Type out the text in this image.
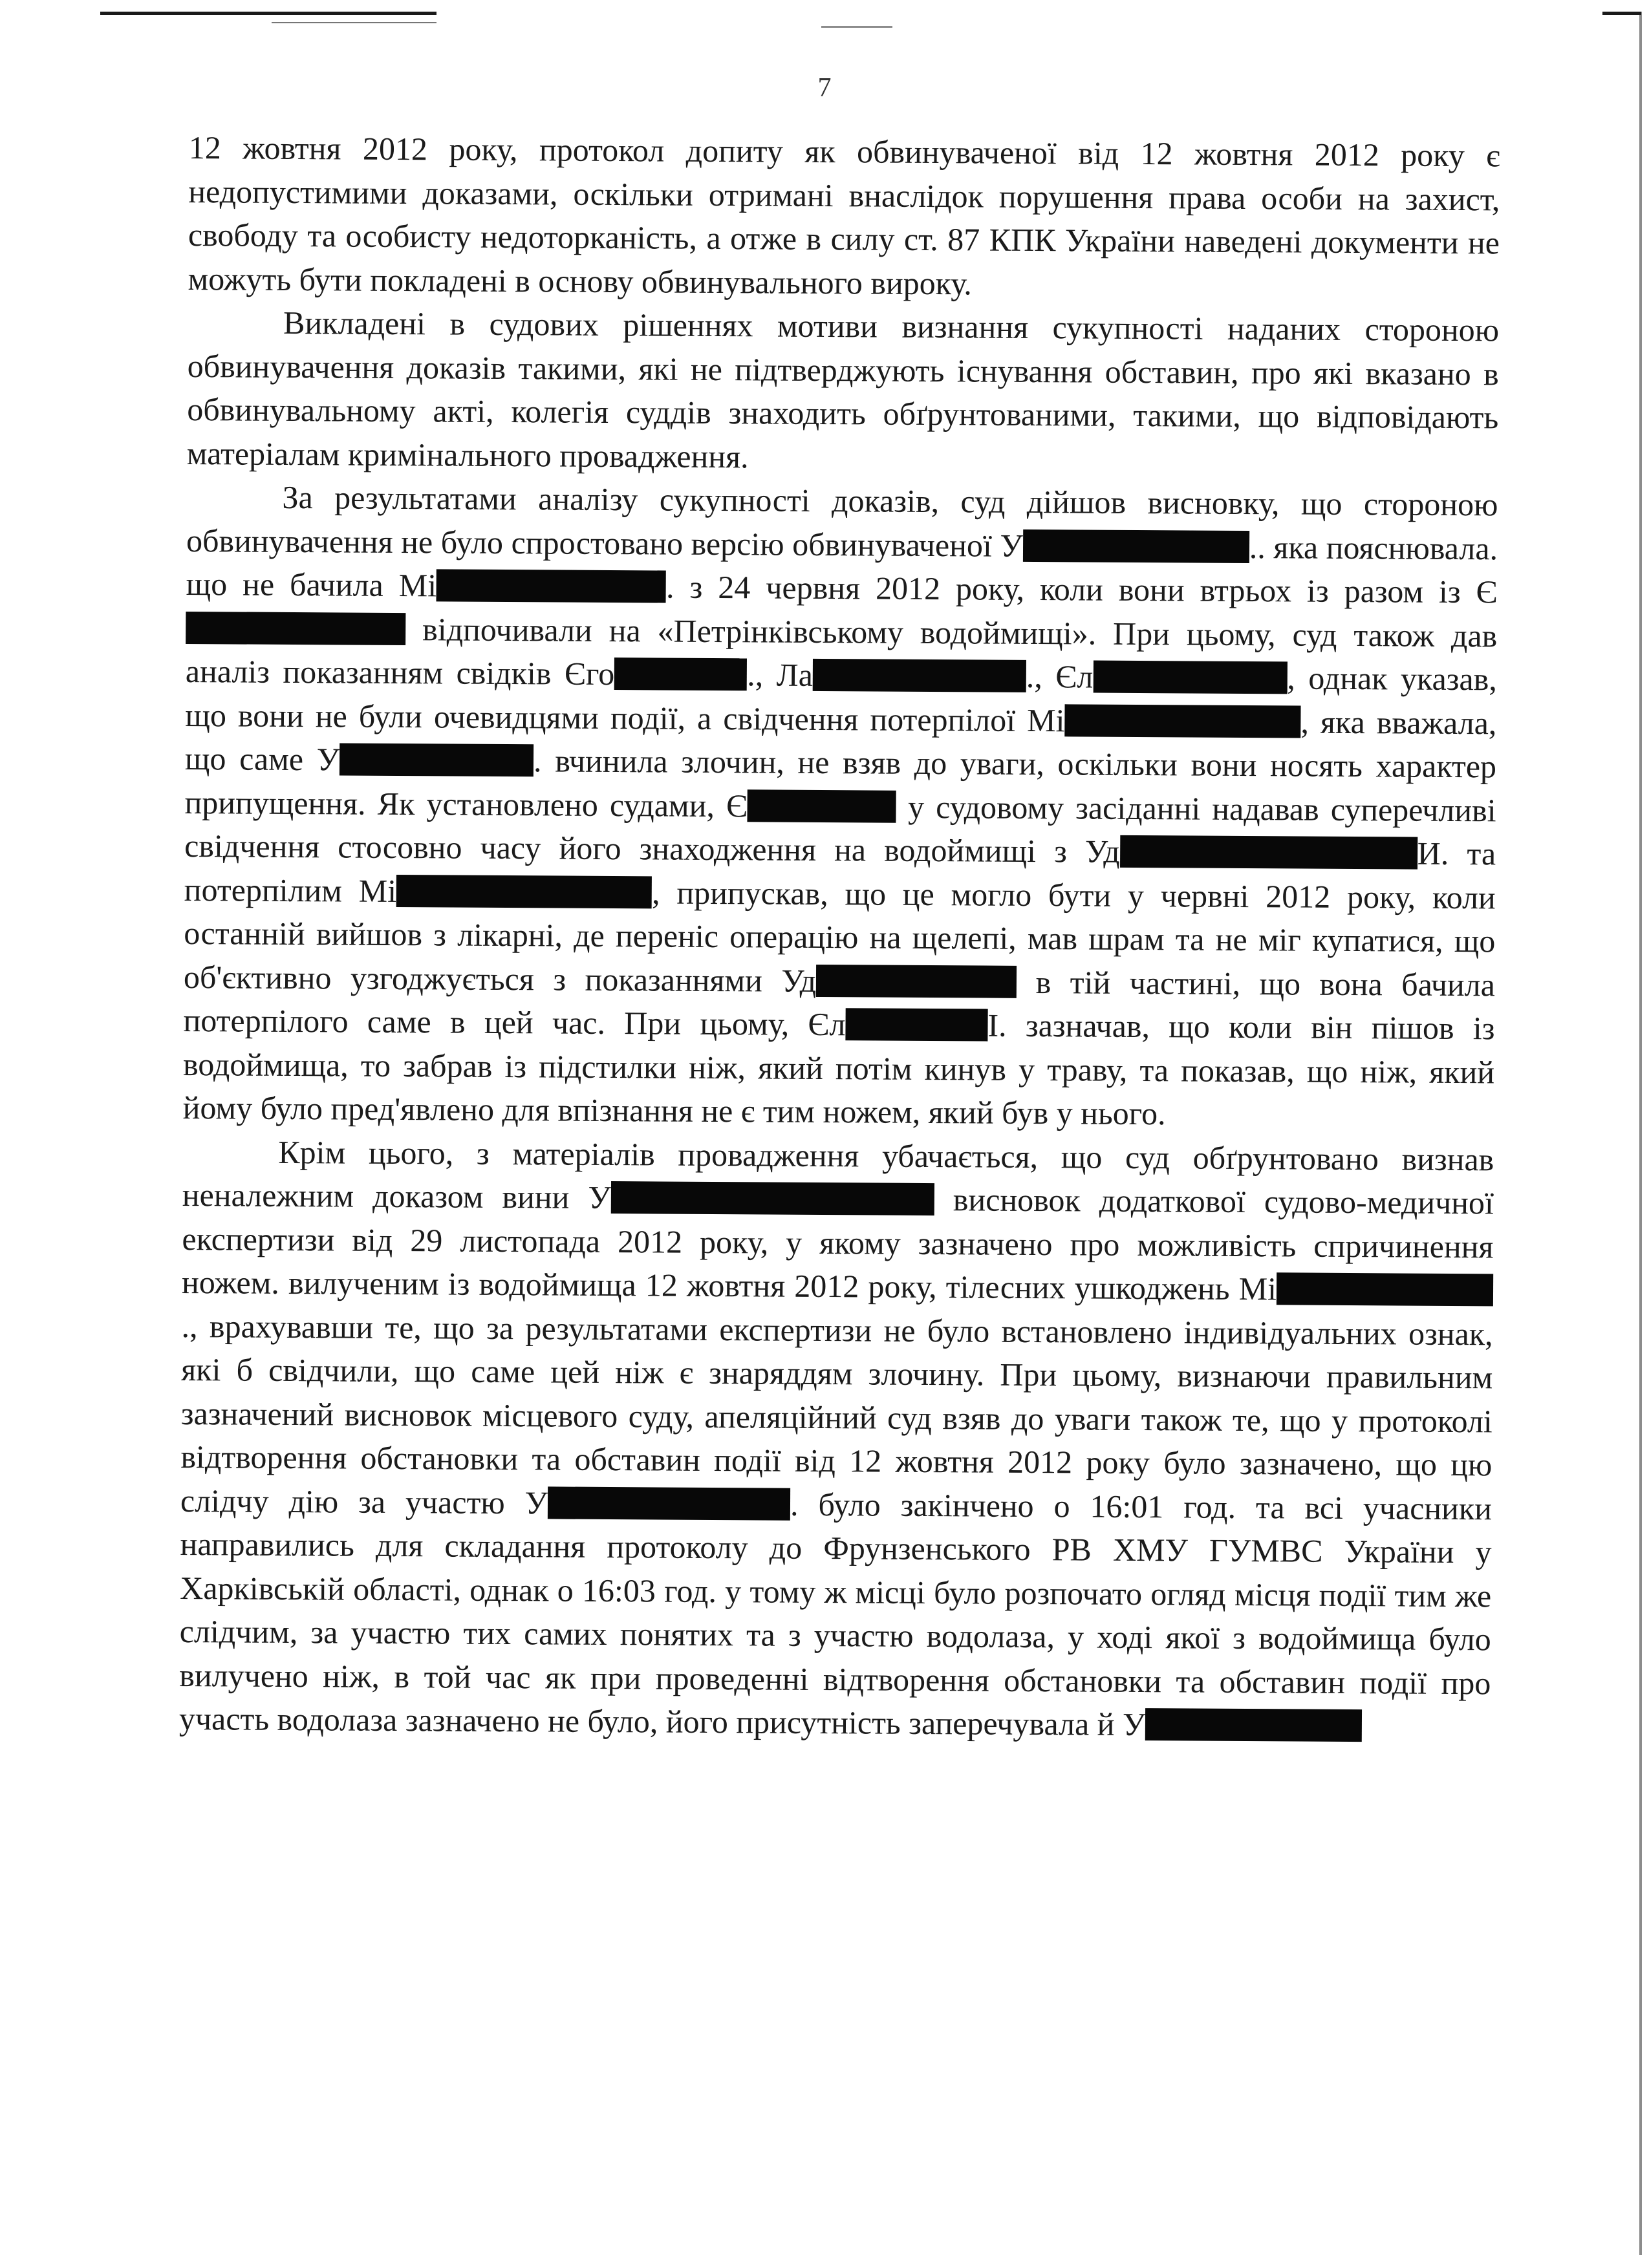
7

12 жовтня 2012 року, протокол допиту як обвинуваченої від 12 жовтня 2012 року є недопустимими доказами, оскільки отримані внаслідок порушення права особи на захист, свободу та особисту недоторканість, а отже в силу ст. 87 КПК України наведені документи не можуть бути покладені в основу обвинувального вироку.

Викладені в судових рішеннях мотиви визнання сукупності наданих стороною обвинувачення доказів такими, які не підтверджують існування обставин, про які вказано в обвинувальному акті, колегія суддів знаходить обґрунтованими, такими, що відповідають матеріалам кримінального провадження.

За результатами аналізу сукупності доказів, суд дійшов висновку, що стороною обвинувачення не було спростовано версію обвинуваченої У	.. яка пояснювала. що не бачила Мі	. з 24 червня 2012 року, коли вони втрьох із разом із Є відпочивали на «Петрінківському водоймищі». При цьому, суд також дав аналіз показанням свідків Єго	., Ла	., Єл	, однак указав, що вони не були очевидцями події, а свідчення потерпілої Мі	, яка вважала, що саме У	. вчинила злочин, не взяв до уваги, оскільки вони носять характер припущення. Як установлено судами, Є	у судовому засіданні надавав суперечливі свідчення стосовно часу його знаходження на водоймищі з Уд	И. та потерпілим Мі	, припускав, що це могло бути у червні 2012 року, коли останній вийшов з лікарні, де переніс операцію на щелепі, мав шрам та не міг купатися, що об'єктивно узгоджується з показаннями Уд	в тій частині, що вона бачила потерпілого саме в цей час. При цьому, Єл	І. зазначав, що коли він пішов із водоймища, то забрав із підстилки ніж, який потім кинув у траву, та показав, що ніж, який йому було пред'явлено для впізнання не є тим ножем, який був у нього.

Крім цього, з матеріалів провадження убачається, що суд обґрунтовано визнав неналежним доказом вини У	висновок додаткової судово-медичної експертизи від 29 листопада 2012 року, у якому зазначено про можливість спричинення ножем. вилученим із водоймища 12 жовтня 2012 року, тілесних ушкоджень Мі., врахувавши те, що за результатами експертизи не було встановлено індивідуальних ознак, які б свідчили, що саме цей ніж є знаряддям злочину. При цьому, визнаючи правильним зазначений висновок місцевого суду, апеляційний суд взяв до уваги також те, що у протоколі відтворення обстановки та обставин події від 12 жовтня 2012 року було зазначено, що цю слідчу дію за участю У	. було закінчено о 16:01 год. та всі учасники направились для складання протоколу до Фрунзенського РВ ХМУ ГУМВС України у Харківській області, однак о 16:03 год. у тому ж місці було розпочато огляд місця події тим же слідчим, за участю тих самих понятих та з участю водолаза, у ході якої з водоймища було вилучено ніж, в той час як при проведенні відтворення обстановки та обставин події про участь водолаза зазначено не було, його присутність заперечувала й У
